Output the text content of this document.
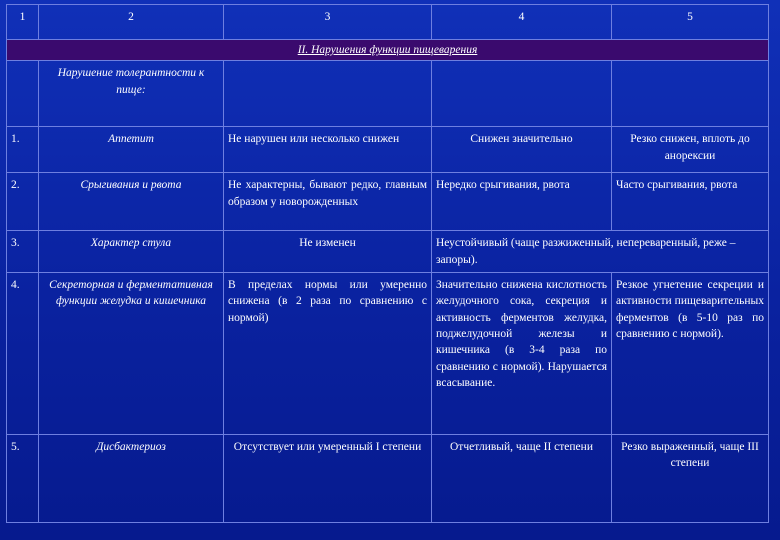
1	2	3	4	5
II. Нарушения функции пищеварения				
	Нарушение толерантности к пище:			
1.	Аппетит	Не нарушен или несколько снижен	Снижен значительно	Резко снижен, вплоть до анорексии
2.	Срыгивания и рвота	Не характерны, бывают редко, главным образом у новорожденных	Нередко срыгивания, рвота	Часто срыгивания, рвота
3.	Характер стула	Не изменен	Неустойчивый (чаще разжиженный, непереваренный, реже – запоры).	
4.	Секреторная и ферментативная функции желудка и кишечника	В пределах нормы или умеренно снижена (в 2 раза по сравнению с нормой)	Значительно снижена кислотность желудочного сока, секреция и активность ферментов желудка, поджелудочной железы и кишечника (в 3-4 раза по сравнению с нормой). Нарушается всасывание.	Резкое угнетение секреции и активности пищеварительных ферментов (в 5-10 раз по сравнению с нормой).
5.	Дисбактериоз	Отсутствует или умеренный I степени	Отчетливый, чаще II степени	Резко выраженный, чаще III степени
